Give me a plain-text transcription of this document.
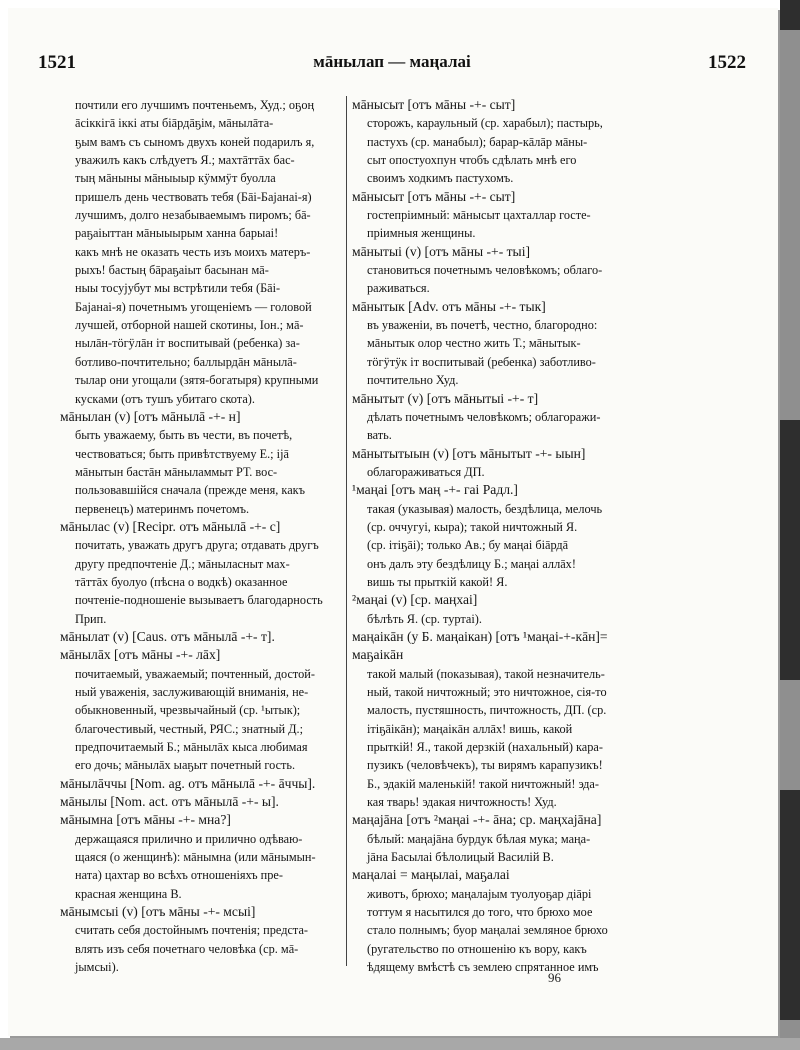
1521	мāнылап — маңалаі	1522
почтили его лучшимъ почтеньемъ, Худ.; оҕоң
āсіккігā іккі аты біāрдāҕім, мāнылāта-
ҕым вамъ съ сыномъ двухъ коней подарилъ я,
уважилъ какъ слѣдуетъ Я.; махтāттāх бас-
тың мāныны мāныыыр кÿммÿт буолла
пришелъ день чествовать тебя (Бāі-Баjанаі-я)
лучшимъ, долго незабываемымъ пиромъ; бā-
раҕаіыттан мāныыырым ханна барыаі!
какъ мнѣ не оказать честь изъ моихъ матеръ-
рыхъ! бастың бāраҕаіыт басынан мā-
ныы тосуjубут мы встрѣтили тебя (Бāі-
Баjанаі-я) почетнымъ угощеніемъ — головой
лучшей, отборной нашей скотины, Іон.; мā-
нылāн-тöгÿлāн іт воспитывай (ребенка) за-
ботливо-почтительно; баллырдāн мāнылā-
тылар они угощали (зятя-богатыря) крупными
кусками (отъ тушъ убитаго скота).
мāнылан (v) [отъ мāнылā -+- н]
быть уважаему, быть въ чести, въ почетѣ,
чествоваться; быть привѣтствуему Е.; іjā
мāнытын бастāн мāныламмыт РТ. вос-
пользовавшійся сначала (прежде меня, какъ
первенецъ) материнмъ почетомъ.
мāнылас (v) [Recipr. отъ мāнылā -+- с]
почитать, уважать другъ друга; отдавать другъ
другу предпочтеніе Д.; мāныласныт мах-
тāттāх буолуо (пѣсна о водкѣ) оказанное
почтеніе-подношеніе вызываетъ благодарность
Прип.
мāнылат (v) [Caus. отъ мāнылā -+- т].
мāнылāх [отъ мāны -+- лāх]
почитаемый, уважаемый; почтенный, достой-
ный уваженія, заслуживающій вниманія, не-
обыкновенный, чрезвычайный (ср. ¹ытык);
благочестивый, честный, РЯС.; знатный Д.;
предпочитаемый Б.; мāнылāх кыса любимая
его дочь; мāнылāх ыаҕыт почетный гость.
мāнылāччы [Nom. ag. отъ мāнылā -+- āччы].
мāнылы [Nom. act. отъ мāнылā -+- ы].
мāнымна [отъ мāны -+- мна?]
держащаяся прилично и прилично одѣваю-
щаяся (о женщинѣ): мāнымна (или мāнымын-
ната) цахтар во всѣхъ отношеніяхъ пре-
красная женщина В.
мāнымсыі (v) [отъ мāны -+- мсыі]
считать себя достойнымъ почтенія; предста-
влять изъ себя почетнаго человѣка (ср. мā-
jымсыі).
мāнысыт [отъ мāны -+- сыт]
сторожъ, караульный (ср. харабыл); пастырь,
пастухъ (ср. манабыл); барар-кāлāр мāны-
сыт опостуохпун чтобъ сдѣлать мнѣ его
своимъ ходкимъ пастухомъ.
мāнысыт [отъ мāны -+- сыт]
гостепріимный: мāнысыт цахталлар госте-
пріимныя женщины.
мāнытыі (v) [отъ мāны -+- тыі]
становиться почетнымъ человѣкомъ; облаго-
раживаться.
мāнытык [Adv. отъ мāны -+- тык]
въ уваженіи, въ почетѣ, честно, благородно:
мāнытык олор честно жить Т.; мāнытык-
тöгÿтÿк іт воспитывай (ребенка) заботливо-
почтительно Худ.
мāнытыт (v) [отъ мāнытыі -+- т]
дѣлать почетнымъ человѣкомъ; облагоражи-
вать.
мāнытытыын (v) [отъ мāнытыт -+- ыын]
облагораживаться ДП.
¹маңаі [отъ маң -+- гаі Радл.]
такая (указывая) малость, бездѣлица, мелочь
(ср. оччугуі, кыра); такой ничтожный Я.
(ср. ітіҕāі); только Ав.; бу маңаі біāрдā
онъ далъ эту бездѣлицу Б.; маңаі аллāх!
вишь ты прыткій какой! Я.
²маңаі (v) [ср. маңхаі]
бѣлѣть Я. (ср. туртаі).
маңаікāн (у Б. маңаікан) [отъ ¹маңаі-+-кāн]=
маҕаікāн
такой малый (показывая), такой незначитель-
ный, такой ничтожный; это ничтожное, сія-то
малость, пустяшность, пичтожность, ДП. (ср.
ітіҕāікāн); маңаікāн аллāх! вишь, какой
прыткій! Я., такой дерзкій (нахальный) кара-
пузикъ (человѣчекъ), ты вирямъ карапузикъ!
Б., эдакій маленькій! такой ничтожный! эда-
кая тварь! эдакая ничтожность! Худ.
маңаjāна [отъ ²маңаі -+- āна; ср. маңхаjāна]
бѣлый: маңаjāна бурдук бѣлая мука; маңа-
jāна Басылаі бѣлолицый Василій В.
маңалаі = маңылаі, маҕалаі
животъ, брюхо; маңалаjым туолуоҕар діāрі
тоттум я насытился до того, что брюхо мое
стало полнымъ; буор маңалаі земляное брюхо
(ругательство по отношенію къ вору, какъ
ѣдящему вмѣстѣ съ землею спрятанное имъ
96
